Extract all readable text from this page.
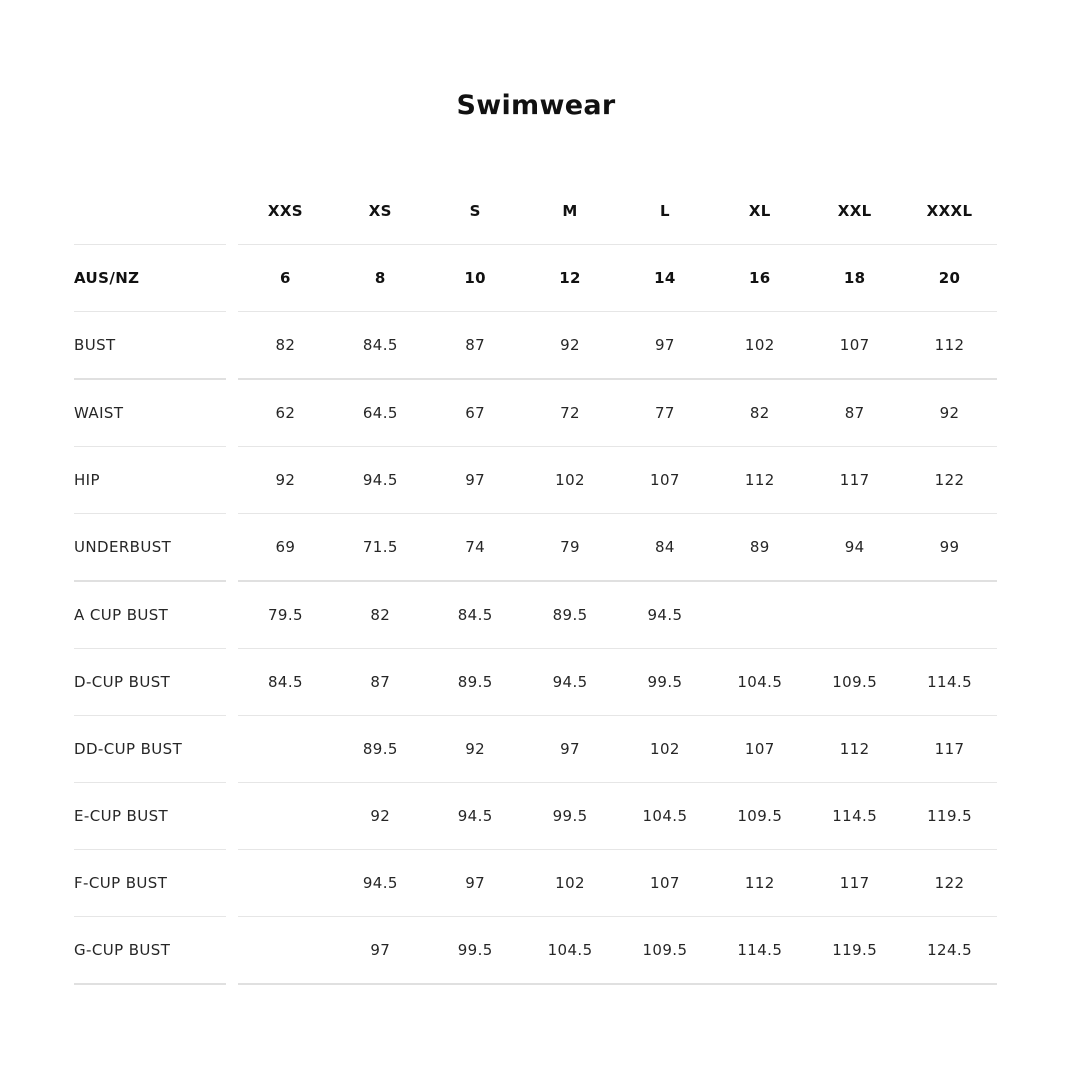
Swimwear
		XXS	XS	S	M	L	XL	XXL	XXXL
AUS/NZ		6	8	10	12	14	16	18	20
BUST		82	84.5	87	92	97	102	107	112
WAIST		62	64.5	67	72	77	82	87	92
HIP		92	94.5	97	102	107	112	117	122
UNDERBUST		69	71.5	74	79	84	89	94	99
A CUP BUST		79.5	82	84.5	89.5	94.5			
D-CUP BUST		84.5	87	89.5	94.5	99.5	104.5	109.5	114.5
DD-CUP BUST			89.5	92	97	102	107	112	117
E-CUP BUST			92	94.5	99.5	104.5	109.5	114.5	119.5
F-CUP BUST			94.5	97	102	107	112	117	122
G-CUP BUST			97	99.5	104.5	109.5	114.5	119.5	124.5
